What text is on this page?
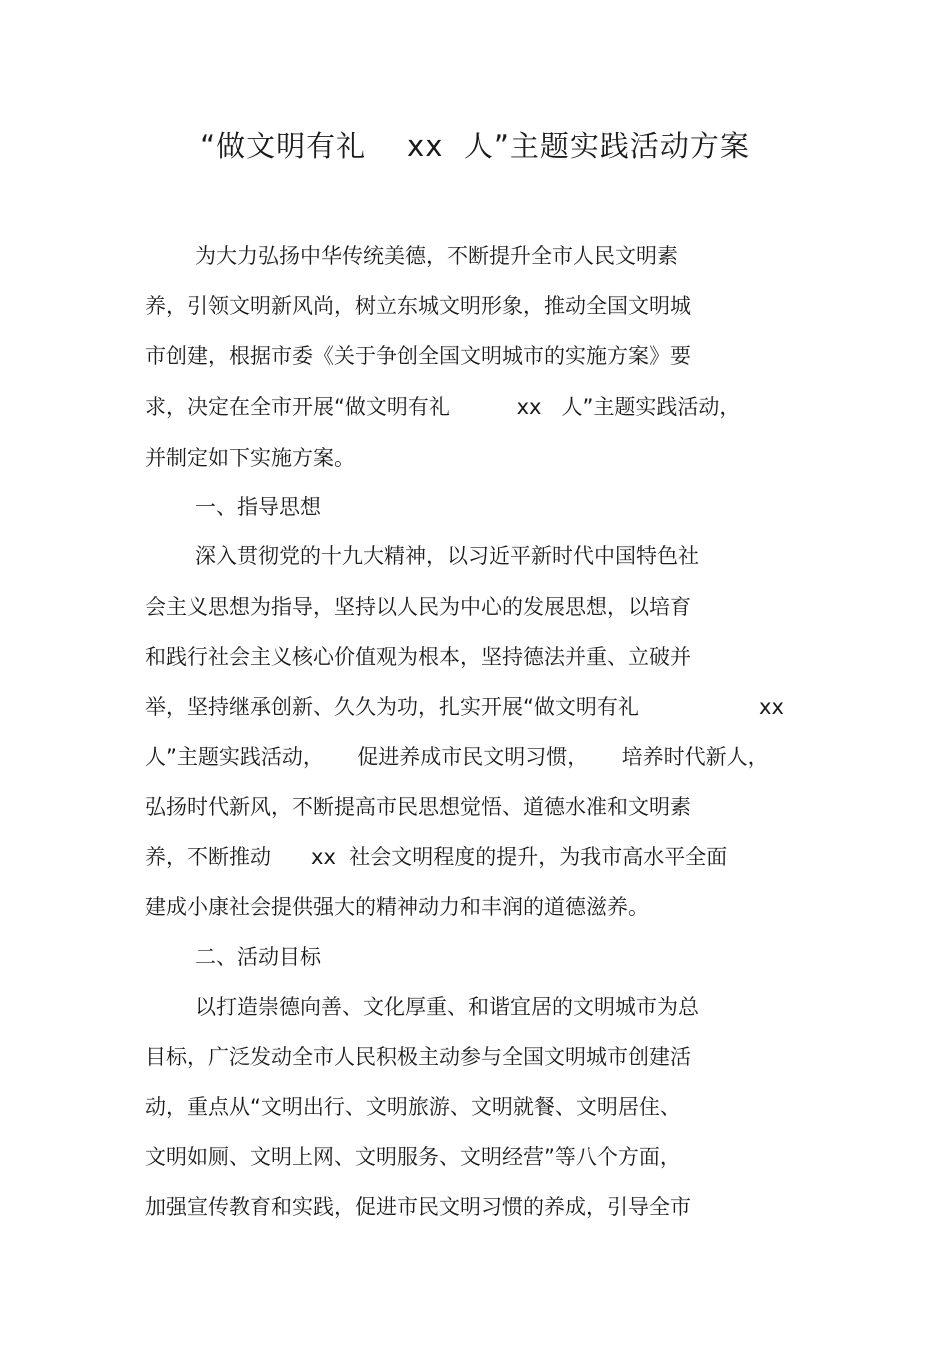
“做文明有礼    xx  人”主题实践活动方案
为大力弘扬中华传统美德，不断提升全市人民文明素
养，引领文明新风尚，树立东城文明形象，推动全国文明城
市创建，根据市委《关于争创全国文明城市的实施方案》要
求，决定在全市开展“做文明有礼          xx   人”主题实践活动，
并制定如下实施方案。
一、指导思想
深入贯彻党的十九大精神，以习近平新时代中国特色社
会主义思想为指导，坚持以人民为中心的发展思想，以培育
和践行社会主义核心价值观为根本，坚持德法并重、立破并
举，坚持继承创新、久久为功，扎实开展“做文明有礼                  xx
人”主题实践活动，     促进养成市民文明习惯，     培养时代新人，
弘扬时代新风，不断提高市民思想觉悟、道德水准和文明素
养，不断推动      xx  社会文明程度的提升，为我市高水平全面
建成小康社会提供强大的精神动力和丰润的道德滋养。
二、活动目标
以打造崇德向善、文化厚重、和谐宜居的文明城市为总
目标，广泛发动全市人民积极主动参与全国文明城市创建活
动，重点从“文明出行、文明旅游、文明就餐、文明居住、
文明如厕、文明上网、文明服务、文明经营”等八个方面，
加强宣传教育和实践，促进市民文明习惯的养成，引导全市
